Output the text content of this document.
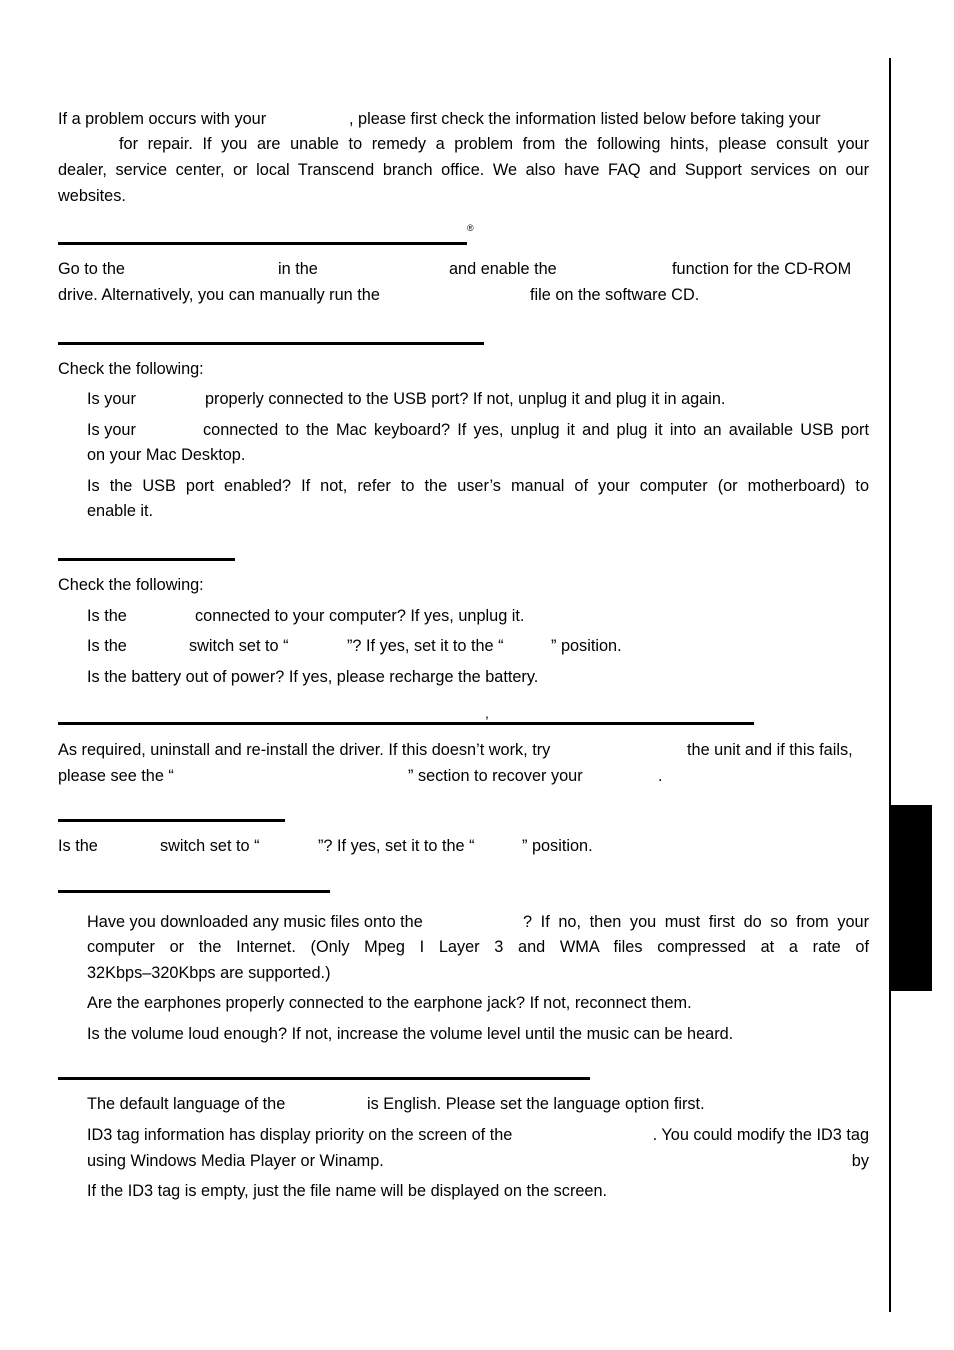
If a problem occurs with your	, please first check the information listed below before taking your
for repair. If you are unable to remedy a problem from the following hints, please consult your
dealer, service center, or local Transcend branch office. We also have FAQ and Support services on our
websites.
®
Go to the	in the	and enable the	function for the CD-ROM
drive. Alternatively, you can manually run the	file on the software CD.
Check the following:
Is your	properly connected to the USB port? If not, unplug it and plug it in again.
Is your	connected to the Mac keyboard? If yes, unplug it and plug it into an available USB port
on your Mac Desktop.
Is the USB port enabled? If not, refer to the user’s manual of your computer (or motherboard) to
enable it.
Check the following:
Is the	connected to your computer? If yes, unplug it.
Is the	switch set to “	”? If yes, set it to the “	” position.
Is the battery out of power? If yes, please recharge the battery.
,
As required, uninstall and re-install the driver. If this doesn’t work, try	the unit and if this fails,
please see the “	” section to recover your	.
Is the	switch set to “	”? If yes, set it to the “	” position.
Have you downloaded any music files onto the	? If no, then you must first do so from your
computer or the Internet. (Only Mpeg I Layer 3 and WMA files compressed at a rate of
32Kbps–320Kbps are supported.)
Are the earphones properly connected to the earphone jack? If not, reconnect them.
Is the volume loud enough? If not, increase the volume level until the music can be heard.
The default language of the	is English. Please set the language option first.
ID3 tag information has display priority on the screen of the	. You could modify the ID3 tag by
using Windows Media Player or Winamp.
If the ID3 tag is empty, just the file name will be displayed on the screen.
